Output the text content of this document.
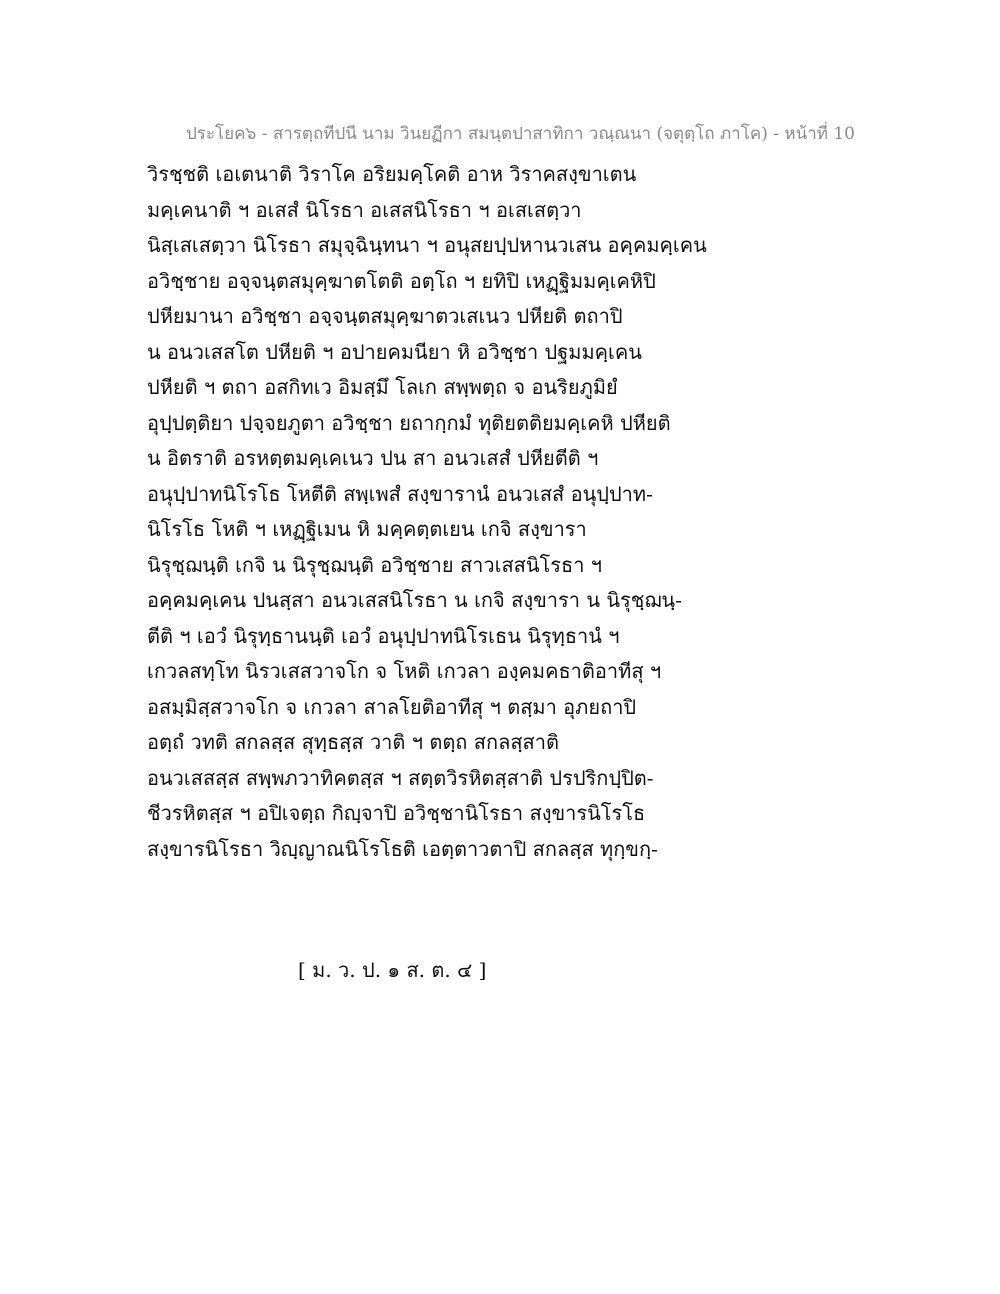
ประโยค๖ - สารตฺถทีปนี นาม วินยฏีกา สมนฺตปาสาทิกา วณฺณนา (จตุตฺโถ ภาโค) - หน้าที่ 10
วิรชฺชติ เอเตนาติ วิราโค อริยมคฺโคติ อาห วิราคสงฺขาเตน
มคฺเคนาติ ฯ อเสสํ นิโรธา อเสสนิโรธา ฯ อเสเสตฺวา
นิสฺเสเสตฺวา นิโรธา สมุจฺฉินฺทนา ฯ อนุสยปฺปหานวเสน อคฺคมคฺเคน
อวิชฺชาย อจฺจนฺตสมุคฺฆาตโตติ อตฺโถ ฯ ยทิปิ เหฏฺฐิมมคฺเคหิปิ
ปหียมานา อวิชฺชา อจฺจนฺตสมุคฺฆาตวเสเนว ปหียติ ตถาปิ
น อนวเสสโต ปหียติ ฯ อปายคมนียา หิ อวิชฺชา ปฐมมคฺเคน
ปหียติ ฯ ตถา อสกิทเว อิมสฺมึ โลเก สพฺพตฺถ จ อนริยภูมิยํ
อุปฺปตฺติยา ปจฺจยภูตา อวิชฺชา ยถากฺกมํ ทุติยตติยมคฺเคหิ ปหียติ
น อิตราติ อรหตฺตมคฺเคเนว ปน สา อนวเสสํ ปหียตีติ ฯ
อนุปฺปาทนิโรโธ โหตีติ สพฺเพสํ สงฺขารานํ อนวเสสํ อนุปฺปาท-
นิโรโธ โหติ ฯ เหฏฺฐิเมน หิ มคฺคตฺตเยน เกจิ สงฺขารา
นิรุชฺฌนฺติ เกจิ น นิรุชฺฌนฺติ อวิชฺชาย สาวเสสนิโรธา ฯ
อคฺคมคฺเคน ปนสฺสา อนวเสสนิโรธา น เกจิ สงฺขารา น นิรุชฺฌนฺ-
ตีติ ฯ เอวํ นิรุทฺธานนฺติ เอวํ อนุปฺปาทนิโรเธน นิรุทฺธานํ ฯ
เกวลสทฺโท นิรวเสสวาจโก จ โหติ เกวลา องฺคมคธาติอาทีสุ ฯ
อสมฺมิสฺสวาจโก จ เกวลา สาลโยติอาทีสุ ฯ ตสฺมา อุภยถาปิ
อตฺถํ วทติ สกลสฺส สุทฺธสฺส วาติ ฯ ตตฺถ สกลสฺสาติ
อนวเสสสฺส สพฺพภวาทิคตสฺส ฯ สตฺตวิรหิตสฺสาติ ปรปริกปฺปิต-
ชีวรหิตสฺส ฯ อปิเจตฺถ กิญฺจาปิ อวิชฺชานิโรธา สงฺขารนิโรโธ
สงฺขารนิโรธา วิญฺญาณนิโรโธติ เอตฺตาวตาปิ สกลสฺส ทุกฺขกฺ-
[ ม. ว. ป. ๑ ส. ต. ๔ ]
